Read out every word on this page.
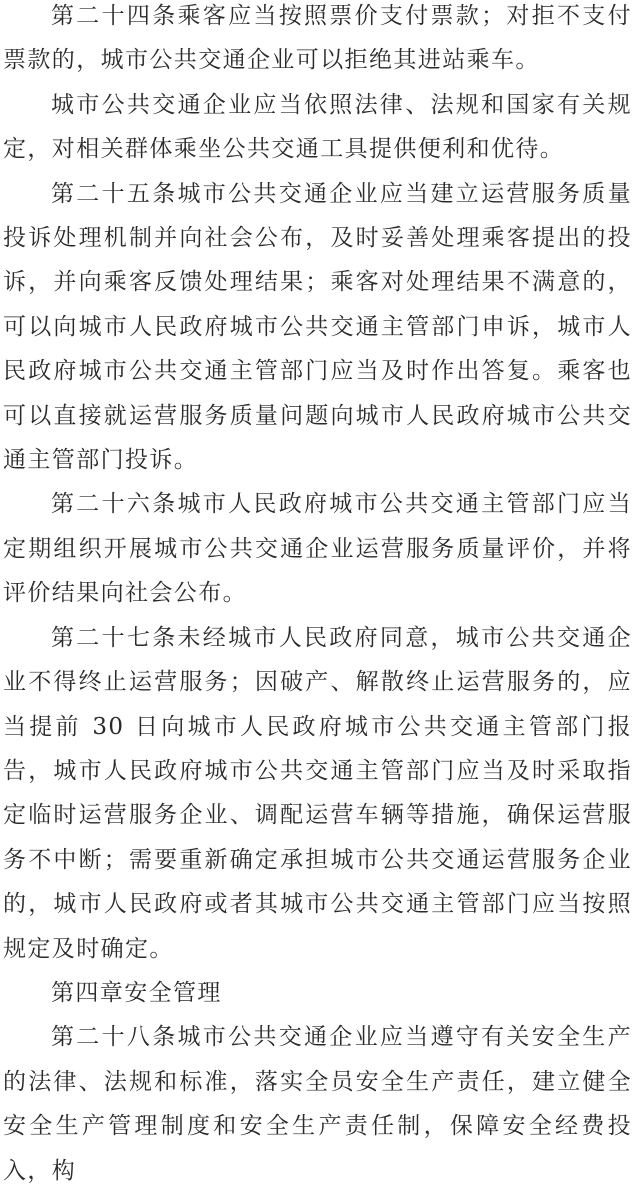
第二十四条乘客应当按照票价支付票款；对拒不支付票款的，城市公共交通企业可以拒绝其进站乘车。

城市公共交通企业应当依照法律、法规和国家有关规定，对相关群体乘坐公共交通工具提供便利和优待。

第二十五条城市公共交通企业应当建立运营服务质量投诉处理机制并向社会公布，及时妥善处理乘客提出的投诉，并向乘客反馈处理结果；乘客对处理结果不满意的，可以向城市人民政府城市公共交通主管部门申诉，城市人民政府城市公共交通主管部门应当及时作出答复。乘客也可以直接就运营服务质量问题向城市人民政府城市公共交通主管部门投诉。

第二十六条城市人民政府城市公共交通主管部门应当定期组织开展城市公共交通企业运营服务质量评价，并将评价结果向社会公布。

第二十七条未经城市人民政府同意，城市公共交通企业不得终止运营服务；因破产、解散终止运营服务的，应当提前 30 日向城市人民政府城市公共交通主管部门报告，城市人民政府城市公共交通主管部门应当及时采取指定临时运营服务企业、调配运营车辆等措施，确保运营服务不中断；需要重新确定承担城市公共交通运营服务企业的，城市人民政府或者其城市公共交通主管部门应当按照规定及时确定。

第四章安全管理

第二十八条城市公共交通企业应当遵守有关安全生产的法律、法规和标准，落实全员安全生产责任，建立健全安全生产管理制度和安全生产责任制，保障安全经费投入，构
